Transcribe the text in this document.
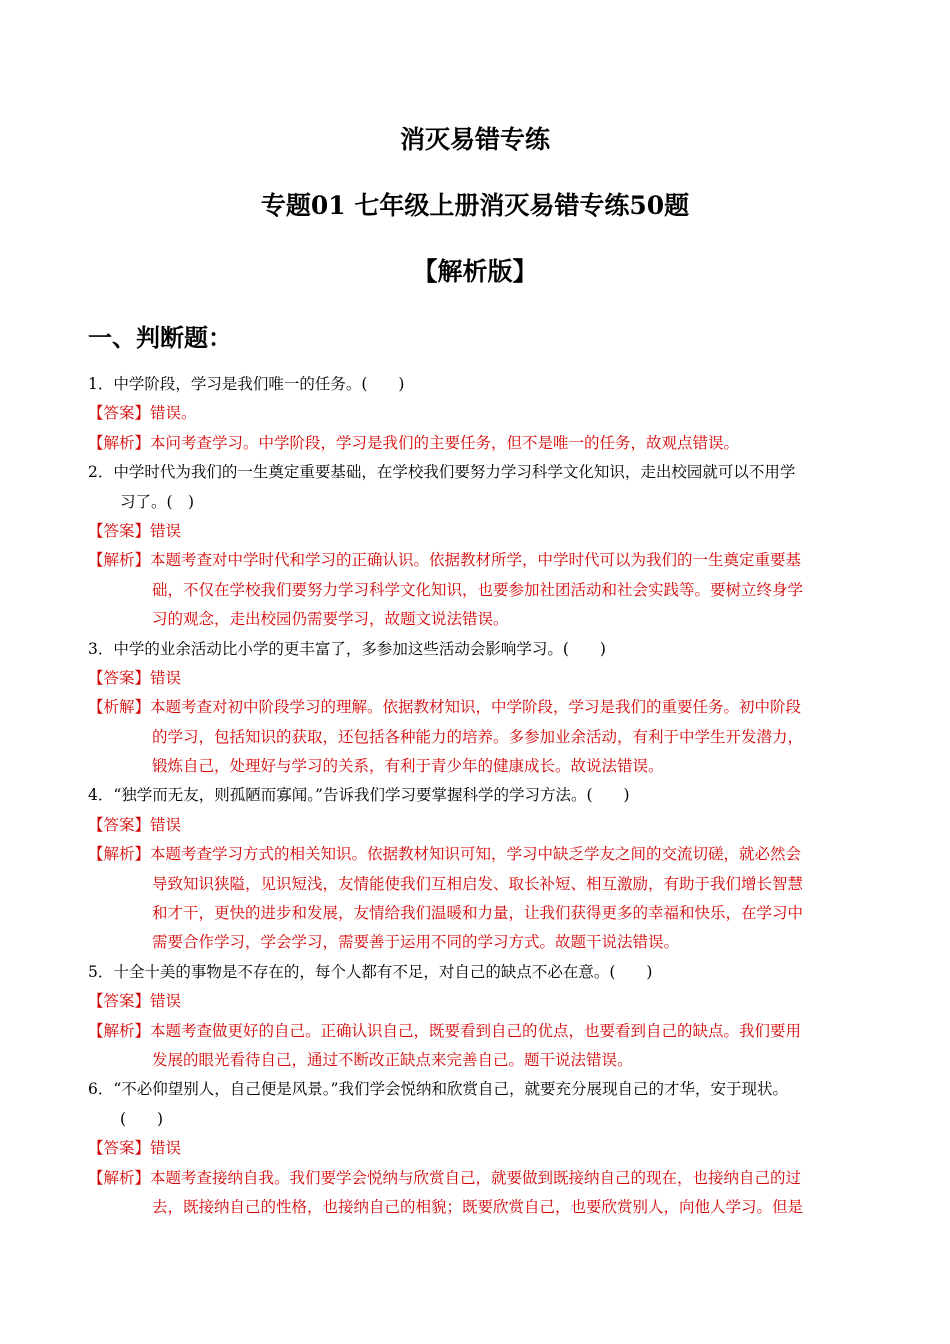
消灭易错专练
专题01 七年级上册消灭易错专练50题
【解析版】
一、判断题：
1．中学阶段，学习是我们唯一的任务。(　　)
【答案】错误。
【解析】本问考查学习。中学阶段，学习是我们的主要任务，但不是唯一的任务，故观点错误。
2．中学时代为我们的一生奠定重要基础，在学校我们要努力学习科学文化知识，走出校园就可以不用学
习了。(　)
【答案】错误
【解析】本题考查对中学时代和学习的正确认识。依据教材所学，中学时代可以为我们的一生奠定重要基
础，不仅在学校我们要努力学习科学文化知识，也要参加社团活动和社会实践等。要树立终身学
习的观念，走出校园仍需要学习，故题文说法错误。
3．中学的业余活动比小学的更丰富了，多参加这些活动会影响学习。(　　)
【答案】错误
【析解】本题考查对初中阶段学习的理解。依据教材知识，中学阶段，学习是我们的重要任务。初中阶段
的学习，包括知识的获取，还包括各种能力的培养。多参加业余活动，有利于中学生开发潜力，
锻炼自己，处理好与学习的关系，有利于青少年的健康成长。故说法错误。
4．“独学而无友，则孤陋而寡闻。”告诉我们学习要掌握科学的学习方法。(　　)
【答案】错误
【解析】本题考查学习方式的相关知识。依据教材知识可知，学习中缺乏学友之间的交流切磋，就必然会
导致知识狭隘，见识短浅，友情能使我们互相启发、取长补短、相互激励，有助于我们增长智慧
和才干，更快的进步和发展，友情给我们温暖和力量，让我们获得更多的幸福和快乐，在学习中
需要合作学习，学会学习，需要善于运用不同的学习方式。故题干说法错误。
5．十全十美的事物是不存在的，每个人都有不足，对自己的缺点不必在意。(　　)
【答案】错误
【解析】本题考查做更好的自己。正确认识自己，既要看到自己的优点，也要看到自己的缺点。我们要用
发展的眼光看待自己，通过不断改正缺点来完善自己。题干说法错误。
6．“不必仰望别人，自己便是风景。”我们学会悦纳和欣赏自己，就要充分展现自己的才华，安于现状。
(　　)
【答案】错误
【解析】本题考查接纳自我。我们要学会悦纳与欣赏自己，就要做到既接纳自己的现在，也接纳自己的过
去，既接纳自己的性格，也接纳自己的相貌；既要欣赏自己，也要欣赏别人，向他人学习。但是
